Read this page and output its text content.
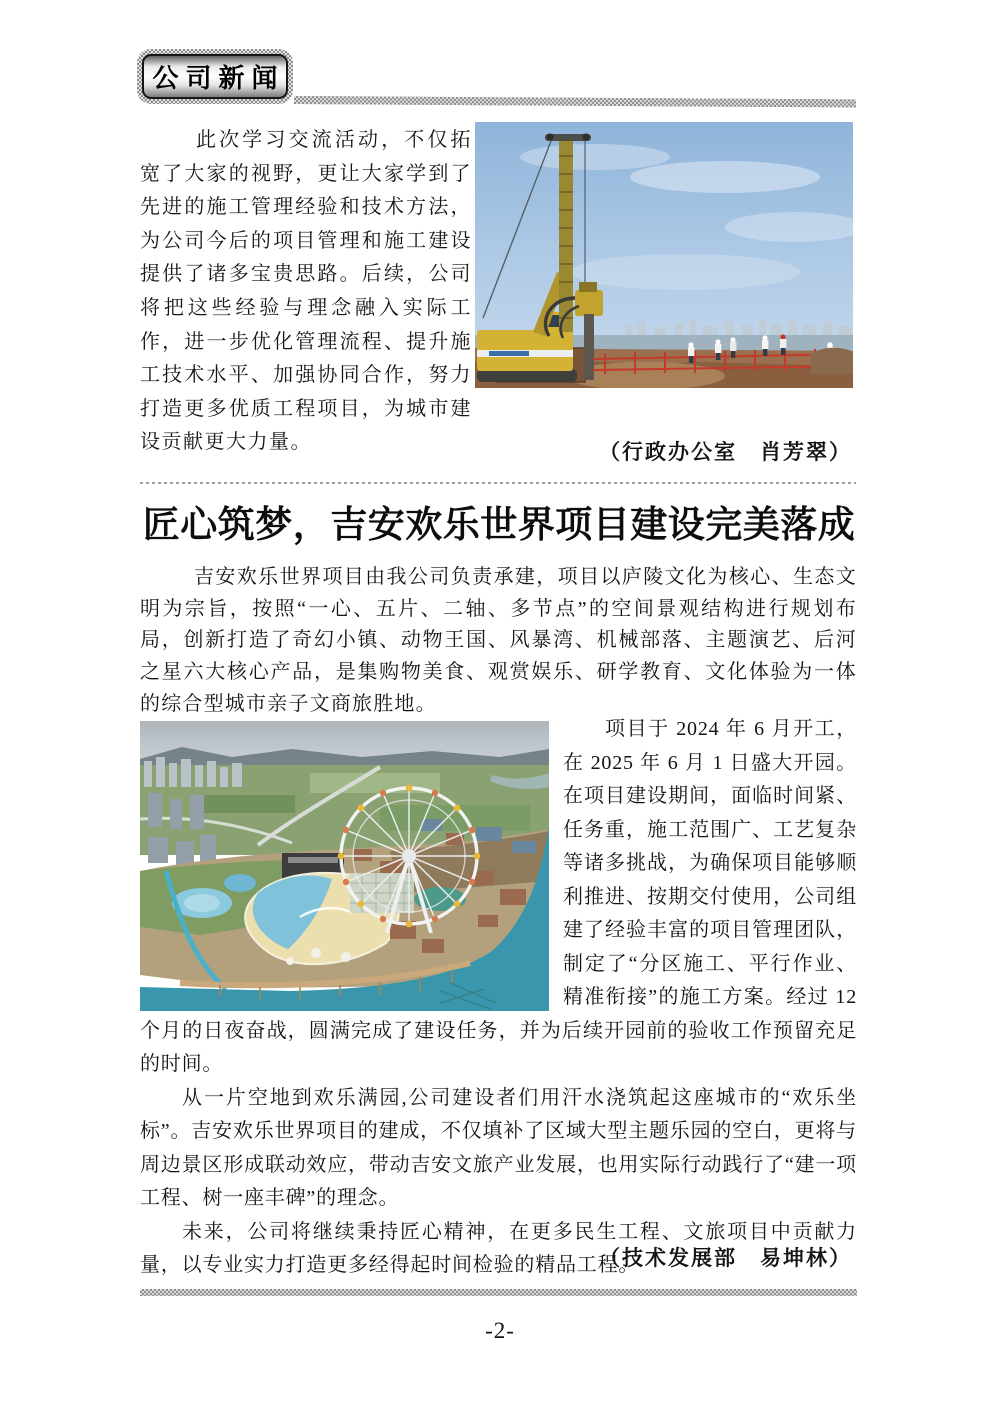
公司新闻
此次学习交流活动，不仅拓宽了大家的视野，更让大家学到了先进的施工管理经验和技术方法，为公司今后的项目管理和施工建设提供了诸多宝贵思路。后续，公司将把这些经验与理念融入实际工作，进一步优化管理流程、提升施工技术水平、加强协同合作，努力打造更多优质工程项目，为城市建设贡献更大力量。	（行政办公室　肖芳翠）
匠心筑梦，吉安欢乐世界项目建设完美落成
吉安欢乐世界项目由我公司负责承建，项目以庐陵文化为核心、生态文明为宗旨，按照“一心、五片、二轴、多节点”的空间景观结构进行规划布局，创新打造了奇幻小镇、动物王国、风暴湾、机械部落、主题演艺、后河之星六大核心产品，是集购物美食、观赏娱乐、研学教育、文化体验为一体的综合型城市亲子文商旅胜地。

项目于 2024 年 6 月开工，在 2025 年 6 月 1 日盛大开园。在项目建设期间，面临时间紧、任务重，施工范围广、工艺复杂等诸多挑战，为确保项目能够顺利推进、按期交付使用，公司组建了经验丰富的项目管理团队，制定了“分区施工、平行作业、精准衔接”的施工方案。经过 12 个月的日夜奋战，圆满完成了建设任务，并为后续开园前的验收工作预留充足的时间。

从一片空地到欢乐满园,公司建设者们用汗水浇筑起这座城市的“欢乐坐标”。吉安欢乐世界项目的建成，不仅填补了区域大型主题乐园的空白，更将与周边景区形成联动效应，带动吉安文旅产业发展，也用实际行动践行了“建一项工程、树一座丰碑”的理念。

未来，公司将继续秉持匠心精神，在更多民生工程、文旅项目中贡献力量，以专业实力打造更多经得起时间检验的精品工程。

（技术发展部　易坤林）
-2-
